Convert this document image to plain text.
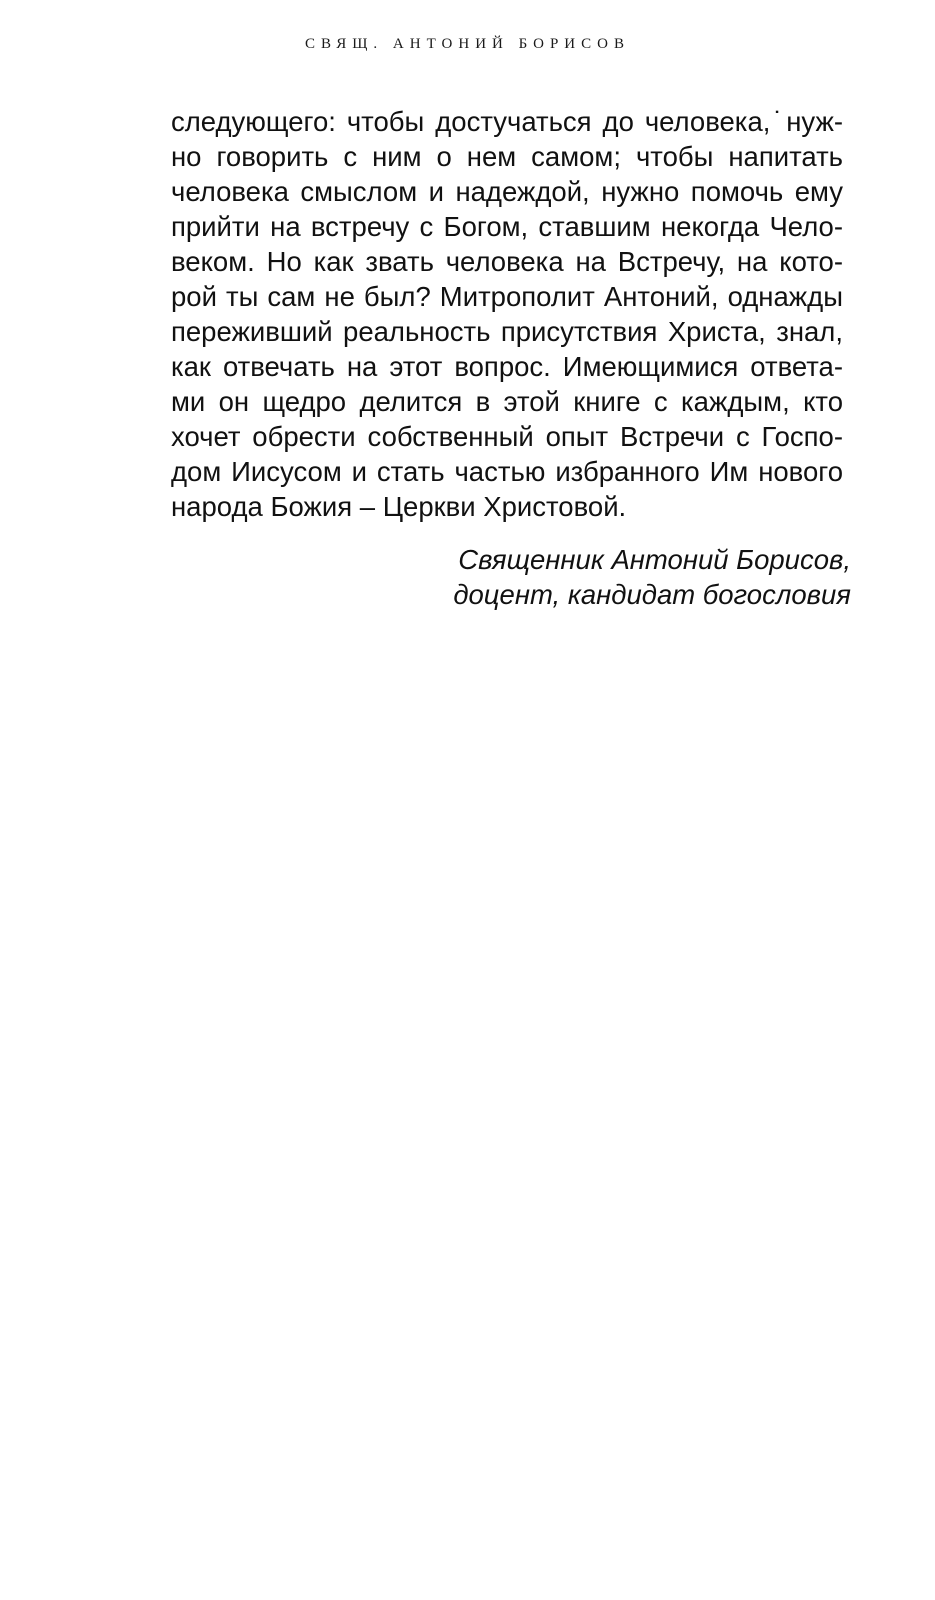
СВЯЩ. АНТОНИЙ БОРИСОВ
следующего: чтобы достучаться до человека,˙нуж-
но говорить с ним о нем самом; чтобы напитать
человека смыслом и надеждой, нужно помочь ему
прийти на встречу с Богом, ставшим некогда Чело-
веком. Но как звать человека на Встречу, на кото-
рой ты сам не был? Митрополит Антоний, однажды
переживший реальность присутствия Христа, знал,
как отвечать на этот вопрос. Имеющимися ответа-
ми он щедро делится в этой книге с каждым, кто
хочет обрести собственный опыт Встречи с Госпо-
дом Иисусом и стать частью избранного Им нового
народа Божия – Церкви Христовой.
Священник Антоний Борисов,
доцент, кандидат богословия
